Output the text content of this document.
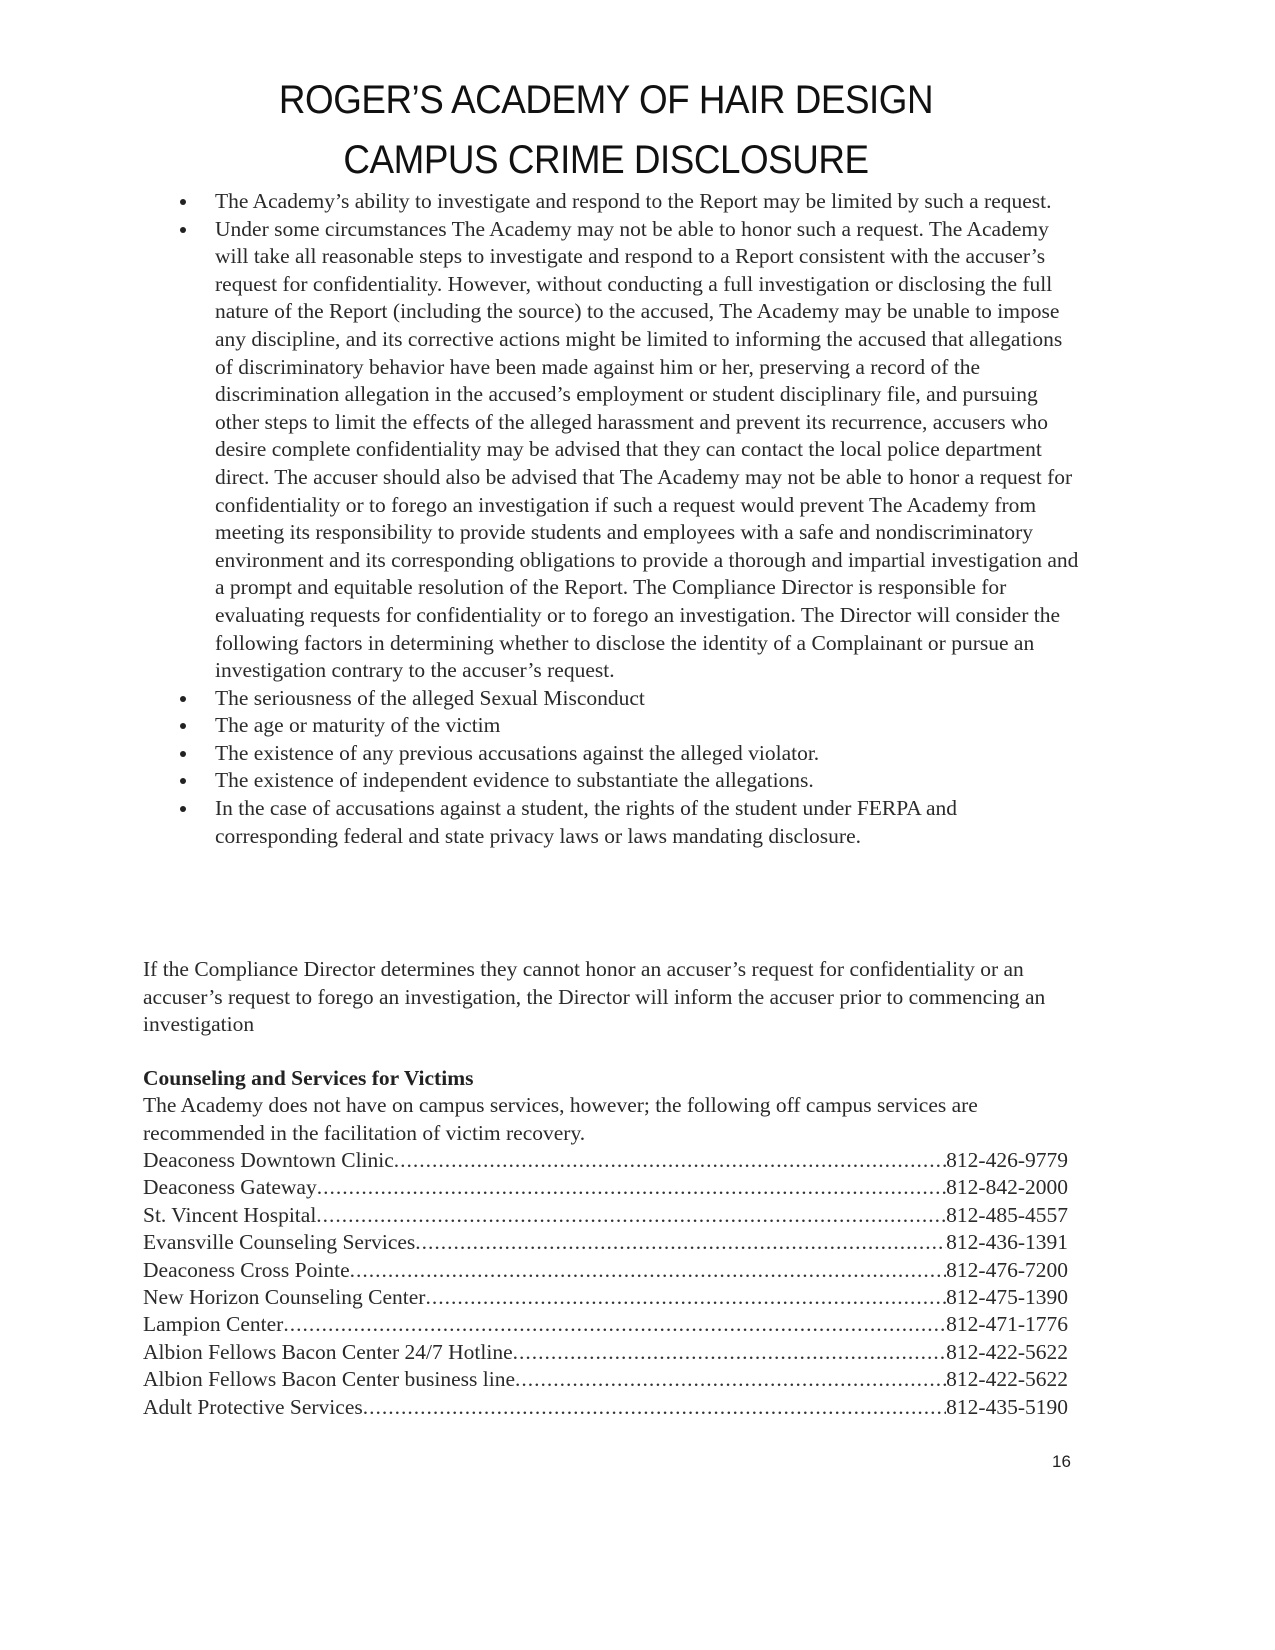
ROGER’S ACADEMY OF HAIR DESIGN
CAMPUS CRIME DISCLOSURE
The Academy’s ability to investigate and respond to the Report may be limited by such a request.
Under some circumstances The Academy may not be able to honor such a request. The Academy will take all reasonable steps to investigate and respond to a Report consistent with the accuser’s request for confidentiality. However, without conducting a full investigation or disclosing the full nature of the Report (including the source) to the accused, The Academy may be unable to impose any discipline, and its corrective actions might be limited to informing the accused that allegations of discriminatory behavior have been made against him or her, preserving a record of the discrimination allegation in the accused’s employment or student disciplinary file, and pursuing other steps to limit the effects of the alleged harassment and prevent its recurrence, accusers who desire complete confidentiality may be advised that they can contact the local police department direct. The accuser should also be advised that The Academy may not be able to honor a request for confidentiality or to forego an investigation if such a request would prevent The Academy from meeting its responsibility to provide students and employees with a safe and nondiscriminatory environment and its corresponding obligations to provide a thorough and impartial investigation and a prompt and equitable resolution of the Report. The Compliance Director is responsible for evaluating requests for confidentiality or to forego an investigation. The Director will consider the following factors in determining whether to disclose the identity of a Complainant or pursue an investigation contrary to the accuser’s request.
The seriousness of the alleged Sexual Misconduct
The age or maturity of the victim
The existence of any previous accusations against the alleged violator.
The existence of independent evidence to substantiate the allegations.
In the case of accusations against a student, the rights of the student under FERPA and corresponding federal and state privacy laws or laws mandating disclosure.

If the Compliance Director determines they cannot honor an accuser’s request for confidentiality or an accuser’s request to forego an investigation, the Director will inform the accuser prior to commencing an investigation

Counseling and Services for Victims

The Academy does not have on campus services, however; the following off campus services are recommended in the facilitation of victim recovery.

Deaconess Downtown Clinic .....	812-426-9779
Deaconess Gateway .....	812-842-2000
St. Vincent Hospital .....	812-485-4557
Evansville Counseling Services .....	812-436-1391
Deaconess Cross Pointe .....	812-476-7200
New Horizon Counseling Center .....	812-475-1390
Lampion Center .....	812-471-1776
Albion Fellows Bacon Center 24/7 Hotline .....	812-422-5622
Albion Fellows Bacon Center business line .....	812-422-5622
Adult Protective Services .....	812-435-5190
16
